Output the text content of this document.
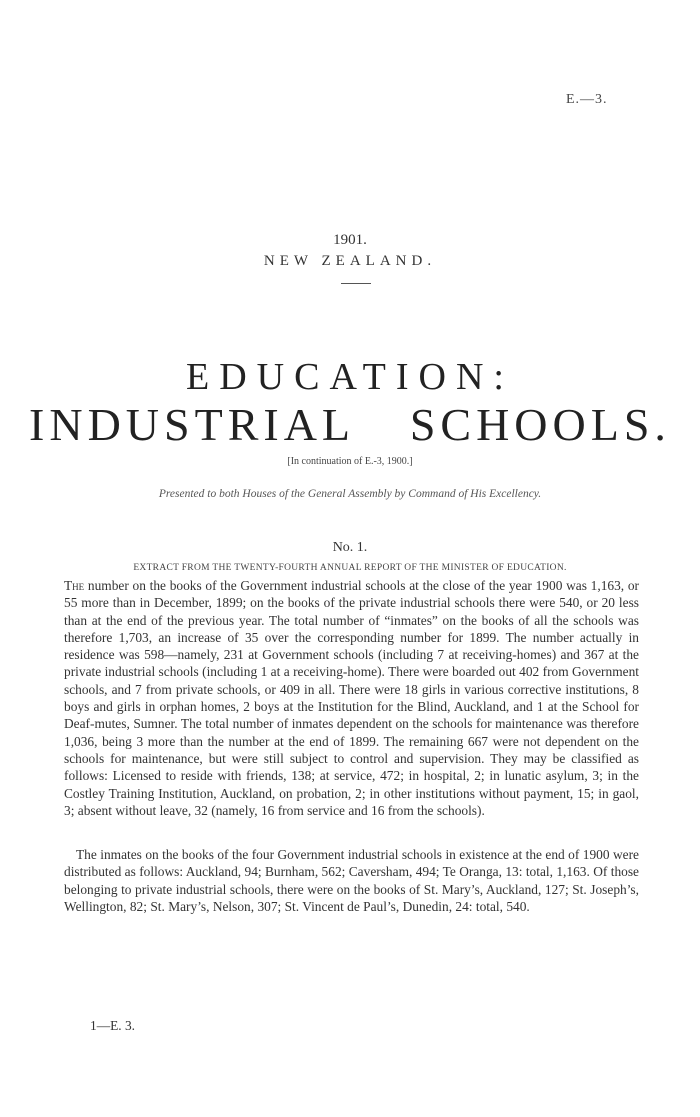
E.—3.
1901.
NEW ZEALAND.
EDUCATION:
INDUSTRIAL SCHOOLS.
[In continuation of E.-3, 1900.]
Presented to both Houses of the General Assembly by Command of His Excellency.
No. 1.
EXTRACT FROM THE TWENTY-FOURTH ANNUAL REPORT OF THE MINISTER OF EDUCATION.
The number on the books of the Government industrial schools at the close of the year 1900 was 1,163, or 55 more than in December, 1899; on the books of the private industrial schools there were 540, or 20 less than at the end of the previous year. The total number of “inmates” on the books of all the schools was therefore 1,703, an increase of 35 over the corresponding number for 1899. The number actually in residence was 598—namely, 231 at Government schools (including 7 at receiving-homes) and 367 at the private industrial schools (including 1 at a receiving-home). There were boarded out 402 from Government schools, and 7 from private schools, or 409 in all. There were 18 girls in various corrective institutions, 8 boys and girls in orphan homes, 2 boys at the Institution for the Blind, Auckland, and 1 at the School for Deaf-mutes, Sumner. The total number of inmates dependent on the schools for maintenance was therefore 1,036, being 3 more than the number at the end of 1899. The remaining 667 were not dependent on the schools for maintenance, but were still subject to control and supervision. They may be classified as follows: Licensed to reside with friends, 138; at service, 472; in hospital, 2; in lunatic asylum, 3; in the Costley Training Institution, Auckland, on probation, 2; in other institutions without payment, 15; in gaol, 3; absent without leave, 32 (namely, 16 from service and 16 from the schools).
The inmates on the books of the four Government industrial schools in existence at the end of 1900 were distributed as follows: Auckland, 94; Burnham, 562; Caversham, 494; Te Oranga, 13: total, 1,163. Of those belonging to private industrial schools, there were on the books of St. Mary’s, Auckland, 127; St. Joseph’s, Wellington, 82; St. Mary’s, Nelson, 307; St. Vincent de Paul’s, Dunedin, 24: total, 540.
1—E. 3.
